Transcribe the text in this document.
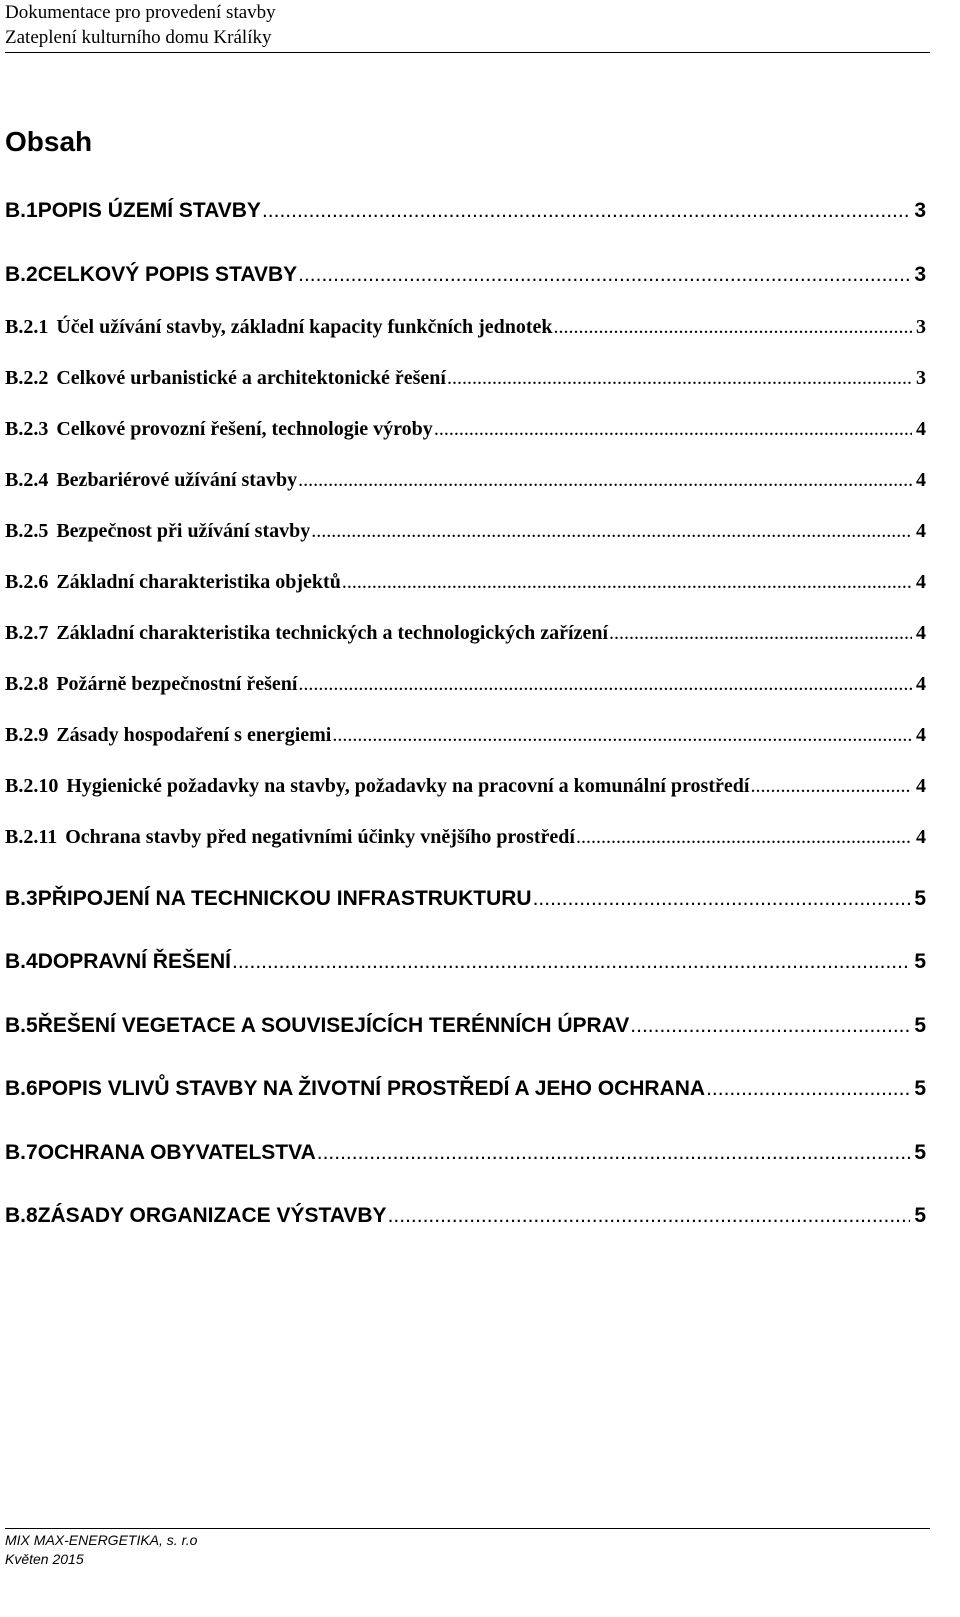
Dokumentace pro provedení stavby
Zateplení kulturního domu Králíky
Obsah
B.1 POPIS ÚZEMÍ STAVBY .....	3
B.2 CELKOVÝ POPIS STAVBY .....	3
B.2.1 Účel užívání stavby, základní kapacity funkčních jednotek .....	3
B.2.2 Celkové urbanistické a architektonické řešení .....	3
B.2.3 Celkové provozní řešení, technologie výroby .....	4
B.2.4 Bezbariérové užívání stavby .....	4
B.2.5 Bezpečnost při užívání stavby .....	4
B.2.6 Základní charakteristika objektů .....	4
B.2.7 Základní charakteristika technických a technologických zařízení .....	4
B.2.8 Požárně bezpečnostní řešení .....	4
B.2.9 Zásady hospodaření s energiemi .....	4
B.2.10 Hygienické požadavky na stavby, požadavky na pracovní a komunální prostředí .....	4
B.2.11 Ochrana stavby před negativními účinky vnějšího prostředí .....	4
B.3 PŘIPOJENÍ NA TECHNICKOU INFRASTRUKTURU .....	5
B.4 DOPRAVNÍ ŘEŠENÍ .....	5
B.5 ŘEŠENÍ VEGETACE A SOUVISEJÍCÍCH TERÉNNÍCH ÚPRAV .....	5
B.6 POPIS VLIVŮ STAVBY NA ŽIVOTNÍ PROSTŘEDÍ A JEHO OCHRANA .....	5
B.7 OCHRANA OBYVATELSTVA .....	5
B.8 ZÁSADY ORGANIZACE VÝSTAVBY .....	5
MIX MAX-ENERGETIKA, s. r.o
Květen 2015
